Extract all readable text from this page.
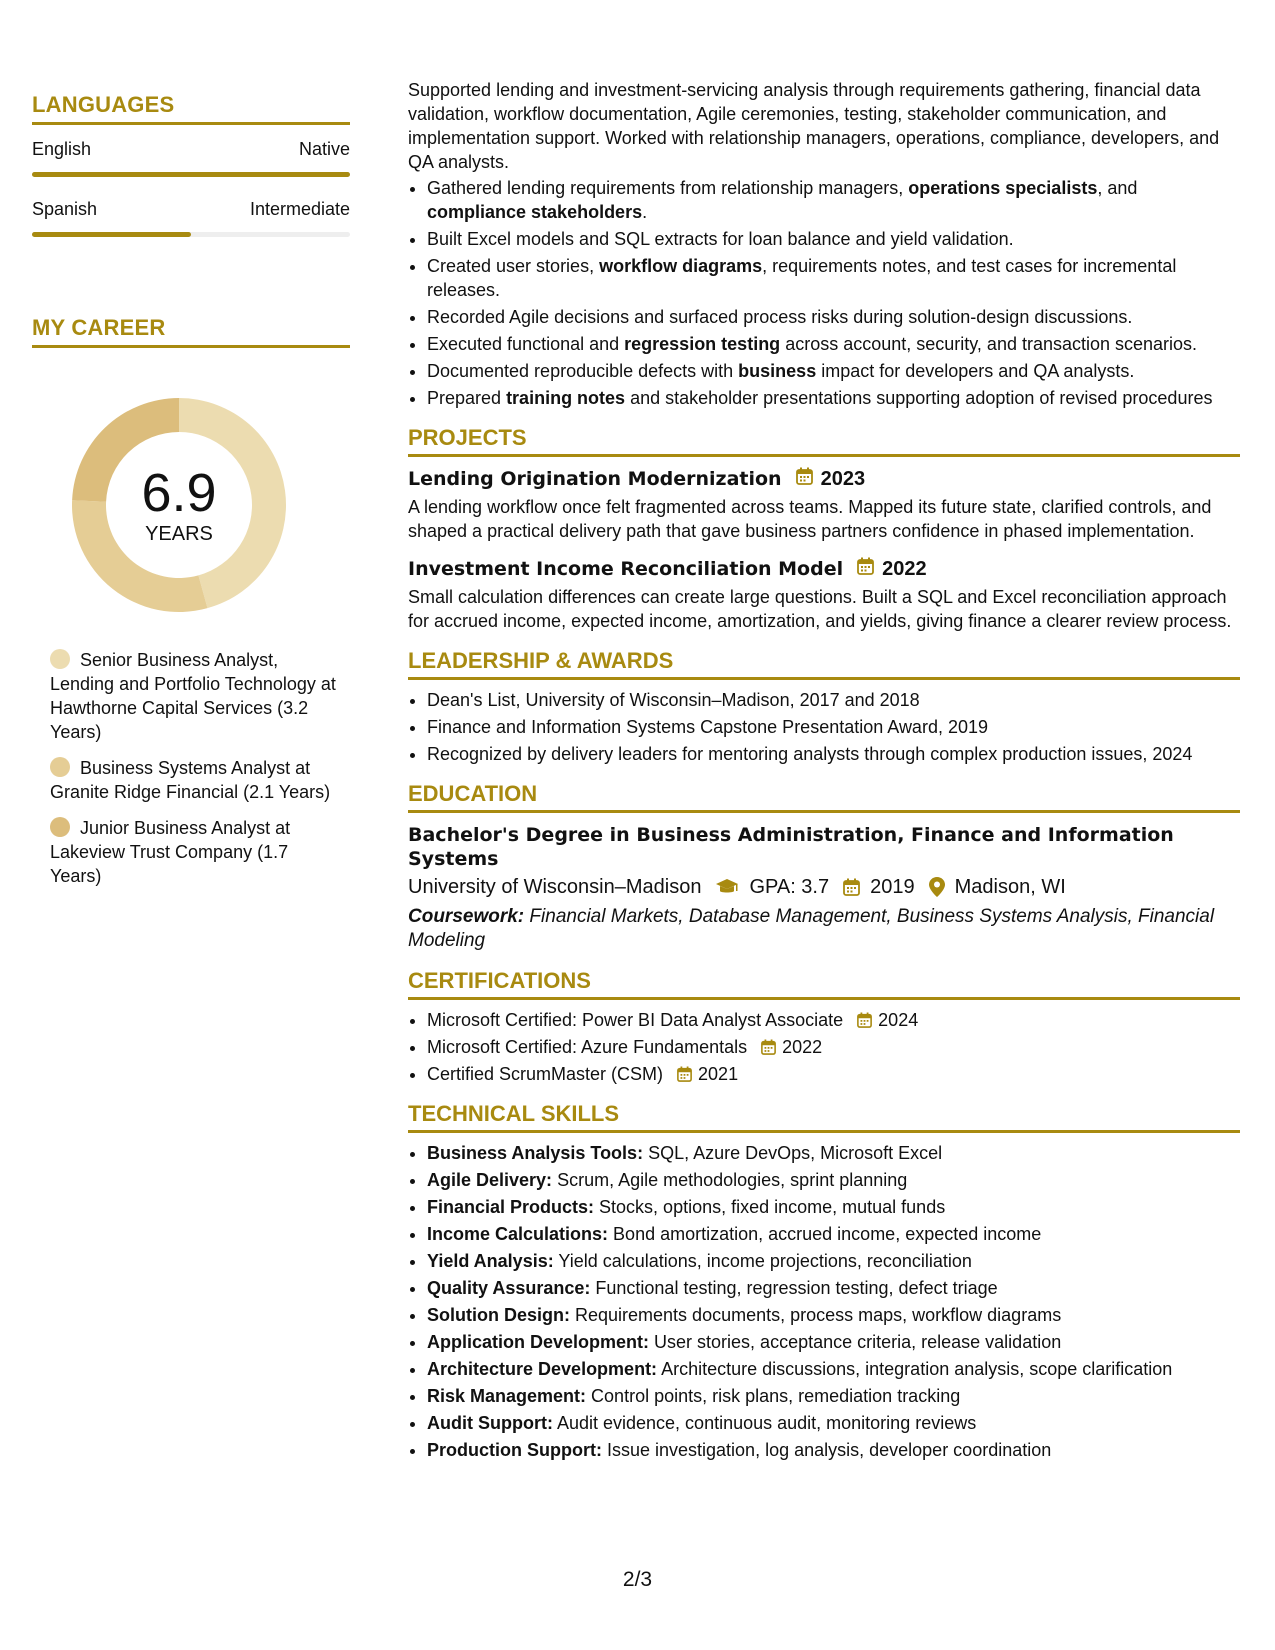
LANGUAGES
English	Native
Spanish	Intermediate
MY CAREER
6.9
YEARS
Senior Business Analyst, Lending and Portfolio Technology at Hawthorne Capital Services (3.2 Years)
Business Systems Analyst at Granite Ridge Financial (2.1 Years)
Junior Business Analyst at Lakeview Trust Company (1.7 Years)

Supported lending and investment-servicing analysis through requirements gathering, financial data validation, workflow documentation, Agile ceremonies, testing, stakeholder communication, and implementation support. Worked with relationship managers, operations, compliance, developers, and QA analysts.

• Gathered lending requirements from relationship managers, operations specialists, and compliance stakeholders.
• Built Excel models and SQL extracts for loan balance and yield validation.
• Created user stories, workflow diagrams, requirements notes, and test cases for incremental releases.
• Recorded Agile decisions and surfaced process risks during solution-design discussions.
• Executed functional and regression testing across account, security, and transaction scenarios.
• Documented reproducible defects with business impact for developers and QA analysts.
• Prepared training notes and stakeholder presentations supporting adoption of revised procedures
PROJECTS
Lending Origination Modernization 2023

A lending workflow once felt fragmented across teams. Mapped its future state, clarified controls, and shaped a practical delivery path that gave business partners confidence in phased implementation.

Investment Income Reconciliation Model 2022

Small calculation differences can create large questions. Built a SQL and Excel reconciliation approach for accrued income, expected income, amortization, and yields, giving finance a clearer review process.

LEADERSHIP & AWARDS
• Dean's List, University of Wisconsin–Madison, 2017 and 2018
• Finance and Information Systems Capstone Presentation Award, 2019
• Recognized by delivery leaders for mentoring analysts through complex production issues, 2024
EDUCATION
Bachelor's Degree in Business Administration, Finance and Information Systems
University of Wisconsin–Madison GPA: 3.7 2019 Madison, WI
Coursework: Financial Markets, Database Management, Business Systems Analysis, Financial Modeling
CERTIFICATIONS
• Microsoft Certified: Power BI Data Analyst Associate 2024
• Microsoft Certified: Azure Fundamentals 2022
• Certified ScrumMaster (CSM) 2021
TECHNICAL SKILLS
• Business Analysis Tools: SQL, Azure DevOps, Microsoft Excel
• Agile Delivery: Scrum, Agile methodologies, sprint planning
• Financial Products: Stocks, options, fixed income, mutual funds
• Income Calculations: Bond amortization, accrued income, expected income
• Yield Analysis: Yield calculations, income projections, reconciliation
• Quality Assurance: Functional testing, regression testing, defect triage
• Solution Design: Requirements documents, process maps, workflow diagrams
• Application Development: User stories, acceptance criteria, release validation
• Architecture Development: Architecture discussions, integration analysis, scope clarification
• Risk Management: Control points, risk plans, remediation tracking
• Audit Support: Audit evidence, continuous audit, monitoring reviews
• Production Support: Issue investigation, log analysis, developer coordination
2/3
